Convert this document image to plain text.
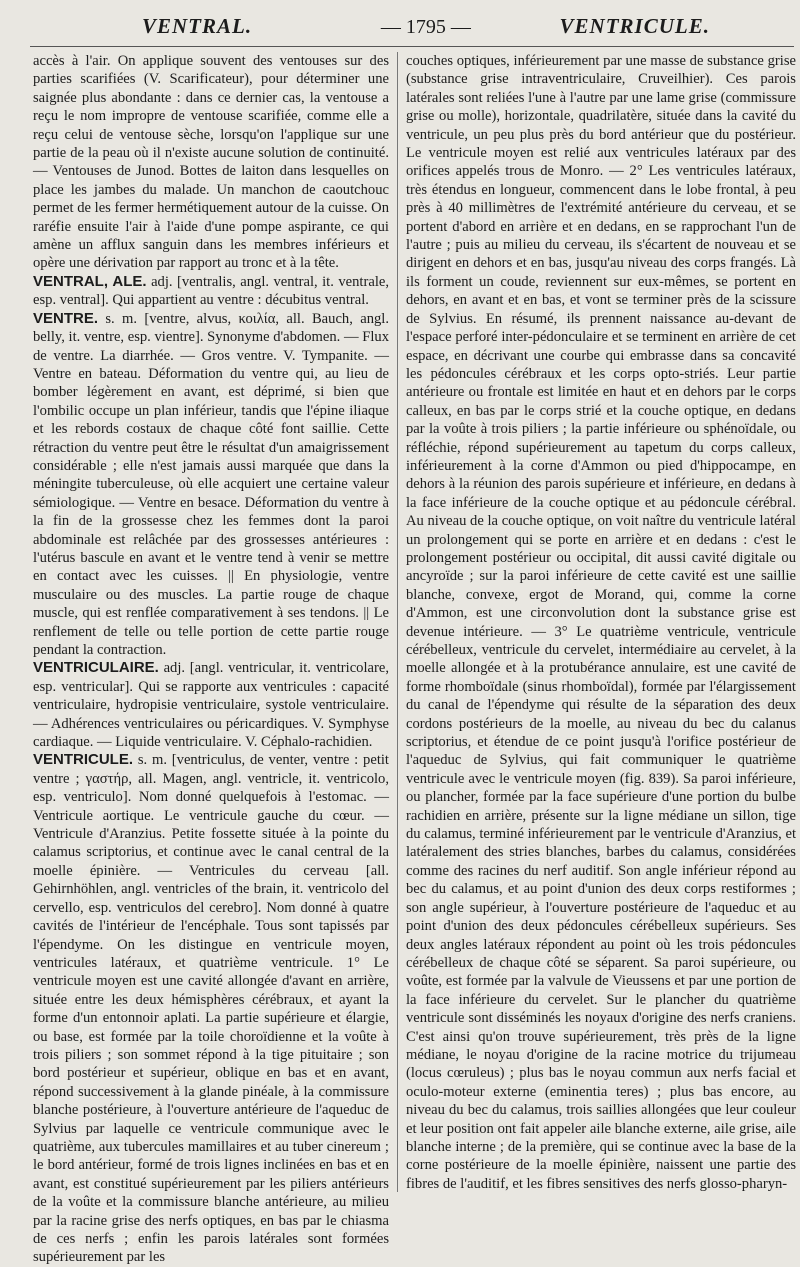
VENTRAL.	— 1795 —	VENTRICULE.

accès à l'air. On applique souvent des ventouses sur des parties scarifiées (V. Scarificateur), pour déterminer une saignée plus abondante : dans ce dernier cas, la ventouse a reçu le nom impropre de ventouse scarifiée, comme elle a reçu celui de ventouse sèche, lorsqu'on l'applique sur une partie de la peau où il n'existe aucune solution de continuité. — Ventouses de Junod. Bottes de laiton dans lesquelles on place les jambes du malade. Un manchon de caoutchouc permet de les fermer hermétiquement autour de la cuisse. On raréfie ensuite l'air à l'aide d'une pompe aspirante, ce qui amène un afflux sanguin dans les membres inférieurs et opère une dérivation par rapport au tronc et à la tête.

VENTRAL, ALE. adj. [ventralis, angl. ventral, it. ventrale, esp. ventral]. Qui appartient au ventre : décubitus ventral.

VENTRE. s. m. [ventre, alvus, κοιλία, all. Bauch, angl. belly, it. ventre, esp. vientre]. Synonyme d'abdomen. — Flux de ventre. La diarrhée. — Gros ventre. V. Tympanite. — Ventre en bateau. Déformation du ventre qui, au lieu de bomber légèrement en avant, est déprimé, si bien que l'ombilic occupe un plan inférieur, tandis que l'épine iliaque et les rebords costaux de chaque côté font saillie. Cette rétraction du ventre peut être le résultat d'un amaigrissement considérable ; elle n'est jamais aussi marquée que dans la méningite tuberculeuse, où elle acquiert une certaine valeur sémiologique. — Ventre en besace. Déformation du ventre à la fin de la grossesse chez les femmes dont la paroi abdominale est relâchée par des grossesses antérieures : l'utérus bascule en avant et le ventre tend à venir se mettre en contact avec les cuisses. || En physiologie, ventre musculaire ou des muscles. La partie rouge de chaque muscle, qui est renflée comparativement à ses tendons. || Le renflement de telle ou telle portion de cette partie rouge pendant la contraction.

VENTRICULAIRE. adj. [angl. ventricular, it. ventricolare, esp. ventricular]. Qui se rapporte aux ventricules : capacité ventriculaire, hydropisie ventriculaire, systole ventriculaire. — Adhérences ventriculaires ou péricardiques. V. Symphyse cardiaque. — Liquide ventriculaire. V. Céphalo-rachidien.

VENTRICULE. s. m. [ventriculus, de venter, ventre : petit ventre ; γαστήρ, all. Magen, angl. ventricle, it. ventricolo, esp. ventriculo]. Nom donné quelquefois à l'estomac. — Ventricule aortique. Le ventricule gauche du cœur. — Ventricule d'Aranzius. Petite fossette située à la pointe du calamus scriptorius, et continue avec le canal central de la moelle épinière. — Ventricules du cerveau [all. Gehirnhöhlen, angl. ventricles of the brain, it. ventricolo del cervello, esp. ventriculos del cerebro]. Nom donné à quatre cavités de l'intérieur de l'encéphale. Tous sont tapissés par l'épendyme. On les distingue en ventricule moyen, ventricules latéraux, et quatrième ventricule. 1° Le ventricule moyen est une cavité allongée d'avant en arrière, située entre les deux hémisphères cérébraux, et ayant la forme d'un entonnoir aplati. La partie supérieure et élargie, ou base, est formée par la toile choroïdienne et la voûte à trois piliers ; son sommet répond à la tige pituitaire ; son bord postérieur et supérieur, oblique en bas et en avant, répond successivement à la glande pinéale, à la commissure blanche postérieure, à l'ouverture antérieure de l'aqueduc de Sylvius par laquelle ce ventricule communique avec le quatrième, aux tubercules mamillaires et au tuber cinereum ; le bord antérieur, formé de trois lignes inclinées en bas et en avant, est constitué supérieurement par les piliers antérieurs de la voûte et la commissure blanche antérieure, au milieu par la racine grise des nerfs optiques, en bas par le chiasma de ces nerfs ; enfin les parois latérales sont formées supérieurement par les

couches optiques, inférieurement par une masse de substance grise (substance grise intraventriculaire, Cruveilhier). Ces parois latérales sont reliées l'une à l'autre par une lame grise (commissure grise ou molle), horizontale, quadrilatère, située dans la cavité du ventricule, un peu plus près du bord antérieur que du postérieur. Le ventricule moyen est relié aux ventricules latéraux par des orifices appelés trous de Monro. — 2° Les ventricules latéraux, très étendus en longueur, commencent dans le lobe frontal, à peu près à 40 millimètres de l'extrémité antérieure du cerveau, et se portent d'abord en arrière et en dedans, en se rapprochant l'un de l'autre ; puis au milieu du cerveau, ils s'écartent de nouveau et se dirigent en dehors et en bas, jusqu'au niveau des corps frangés. Là ils forment un coude, reviennent sur eux-mêmes, se portent en dehors, en avant et en bas, et vont se terminer près de la scissure de Sylvius. En résumé, ils prennent naissance au-devant de l'espace perforé inter-pédonculaire et se terminent en arrière de cet espace, en décrivant une courbe qui embrasse dans sa concavité les pédoncules cérébraux et les corps opto-striés. Leur partie antérieure ou frontale est limitée en haut et en dehors par le corps calleux, en bas par le corps strié et la couche optique, en dedans par la voûte à trois piliers ; la partie inférieure ou sphénoïdale, ou réfléchie, répond supérieurement au tapetum du corps calleux, inférieurement à la corne d'Ammon ou pied d'hippocampe, en dehors à la réunion des parois supérieure et inférieure, en dedans à la face inférieure de la couche optique et au pédoncule cérébral. Au niveau de la couche optique, on voit naître du ventricule latéral un prolongement qui se porte en arrière et en dedans : c'est le prolongement postérieur ou occipital, dit aussi cavité digitale ou ancyroïde ; sur la paroi inférieure de cette cavité est une saillie blanche, convexe, ergot de Morand, qui, comme la corne d'Ammon, est une circonvolution dont la substance grise est devenue intérieure. — 3° Le quatrième ventricule, ventricule cérébelleux, ventricule du cervelet, intermédiaire au cervelet, à la moelle allongée et à la protubérance annulaire, est une cavité de forme rhomboïdale (sinus rhomboïdal), formée par l'élargissement du canal de l'épendyme qui résulte de la séparation des deux cordons postérieurs de la moelle, au niveau du bec du calanus scriptorius, et étendue de ce point jusqu'à l'orifice postérieur de l'aqueduc de Sylvius, qui fait communiquer le quatrième ventricule avec le ventricule moyen (fig. 839). Sa paroi inférieure, ou plancher, formée par la face supérieure d'une portion du bulbe rachidien en arrière, présente sur la ligne médiane un sillon, tige du calamus, terminé inférieurement par le ventricule d'Aranzius, et latéralement des stries blanches, barbes du calamus, considérées comme des racines du nerf auditif. Son angle inférieur répond au bec du calamus, et au point d'union des deux corps restiformes ; son angle supérieur, à l'ouverture postérieure de l'aqueduc et au point d'union des deux pédoncules cérébelleux supérieurs. Ses deux angles latéraux répondent au point où les trois pédoncules cérébelleux de chaque côté se séparent. Sa paroi supérieure, ou voûte, est formée par la valvule de Vieussens et par une portion de la face inférieure du cervelet. Sur le plancher du quatrième ventricule sont disséminés les noyaux d'origine des nerfs craniens. C'est ainsi qu'on trouve supérieurement, très près de la ligne médiane, le noyau d'origine de la racine motrice du trijumeau (locus cœruleus) ; plus bas le noyau commun aux nerfs facial et oculo-moteur externe (eminentia teres) ; plus bas encore, au niveau du bec du calamus, trois saillies allongées que leur couleur et leur position ont fait appeler aile blanche externe, aile grise, aile blanche interne ; de la première, qui se continue avec la base de la corne postérieure de la moelle épinière, naissent une partie des fibres de l'auditif, et les fibres sensitives des nerfs glosso-pharyn-
